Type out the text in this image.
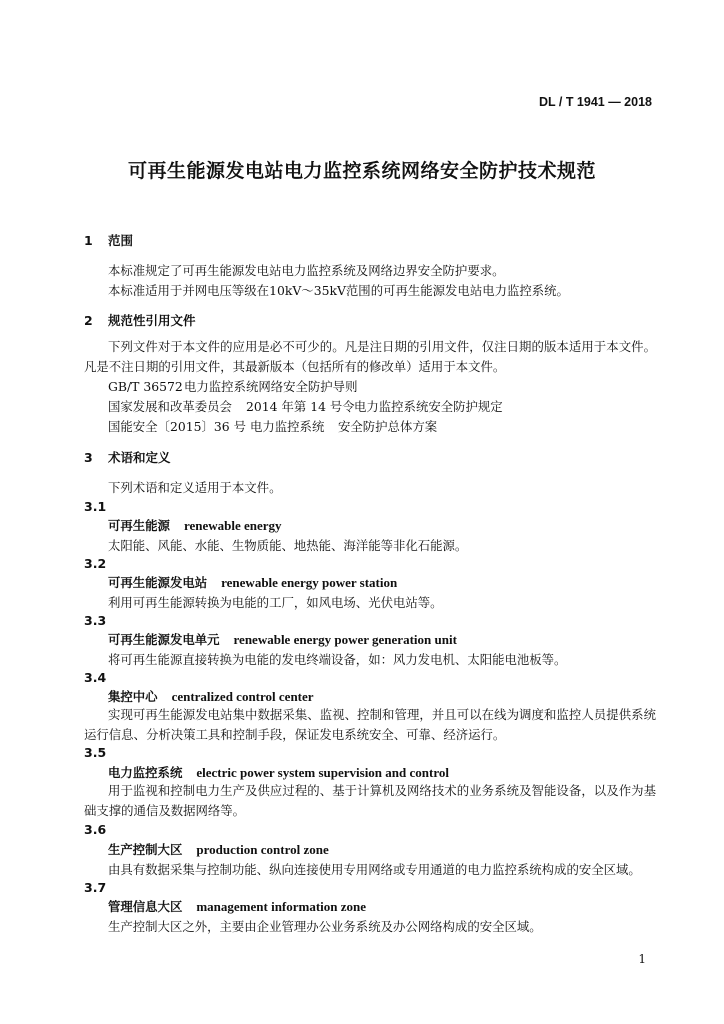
DL / T 1941 — 2018
可再生能源发电站电力监控系统网络安全防护技术规范
1 范围
本标准规定了可再生能源发电站电力监控系统及网络边界安全防护要求。
本标准适用于并网电压等级在10kV～35kV范围的可再生能源发电站电力监控系统。
2 规范性引用文件
下列文件对于本文件的应用是必不可少的。凡是注日期的引用文件，仅注日期的版本适用于本文件。凡是不注日期的引用文件，其最新版本（包括所有的修改单）适用于本文件。
GB/T 36572电力监控系统网络安全防护导则
国家发展和改革委员会 2014 年第 14 号令电力监控系统安全防护规定
国能安全〔2015〕36 号 电力监控系统 安全防护总体方案
3 术语和定义
下列术语和定义适用于本文件。
3.1
可再生能源 renewable energy
太阳能、风能、水能、生物质能、地热能、海洋能等非化石能源。
3.2
可再生能源发电站 renewable energy power station
利用可再生能源转换为电能的工厂，如风电场、光伏电站等。
3.3
可再生能源发电单元 renewable energy power generation unit
将可再生能源直接转换为电能的发电终端设备，如：风力发电机、太阳能电池板等。
3.4
集控中心 centralized control center
实现可再生能源发电站集中数据采集、监视、控制和管理，并且可以在线为调度和监控人员提供系统运行信息、分析决策工具和控制手段，保证发电系统安全、可靠、经济运行。
3.5
电力监控系统 electric power system supervision and control
用于监视和控制电力生产及供应过程的、基于计算机及网络技术的业务系统及智能设备，以及作为基础支撑的通信及数据网络等。
3.6
生产控制大区 production control zone
由具有数据采集与控制功能、纵向连接使用专用网络或专用通道的电力监控系统构成的安全区域。
3.7
管理信息大区 management information zone
生产控制大区之外，主要由企业管理办公业务系统及办公网络构成的安全区域。
1
